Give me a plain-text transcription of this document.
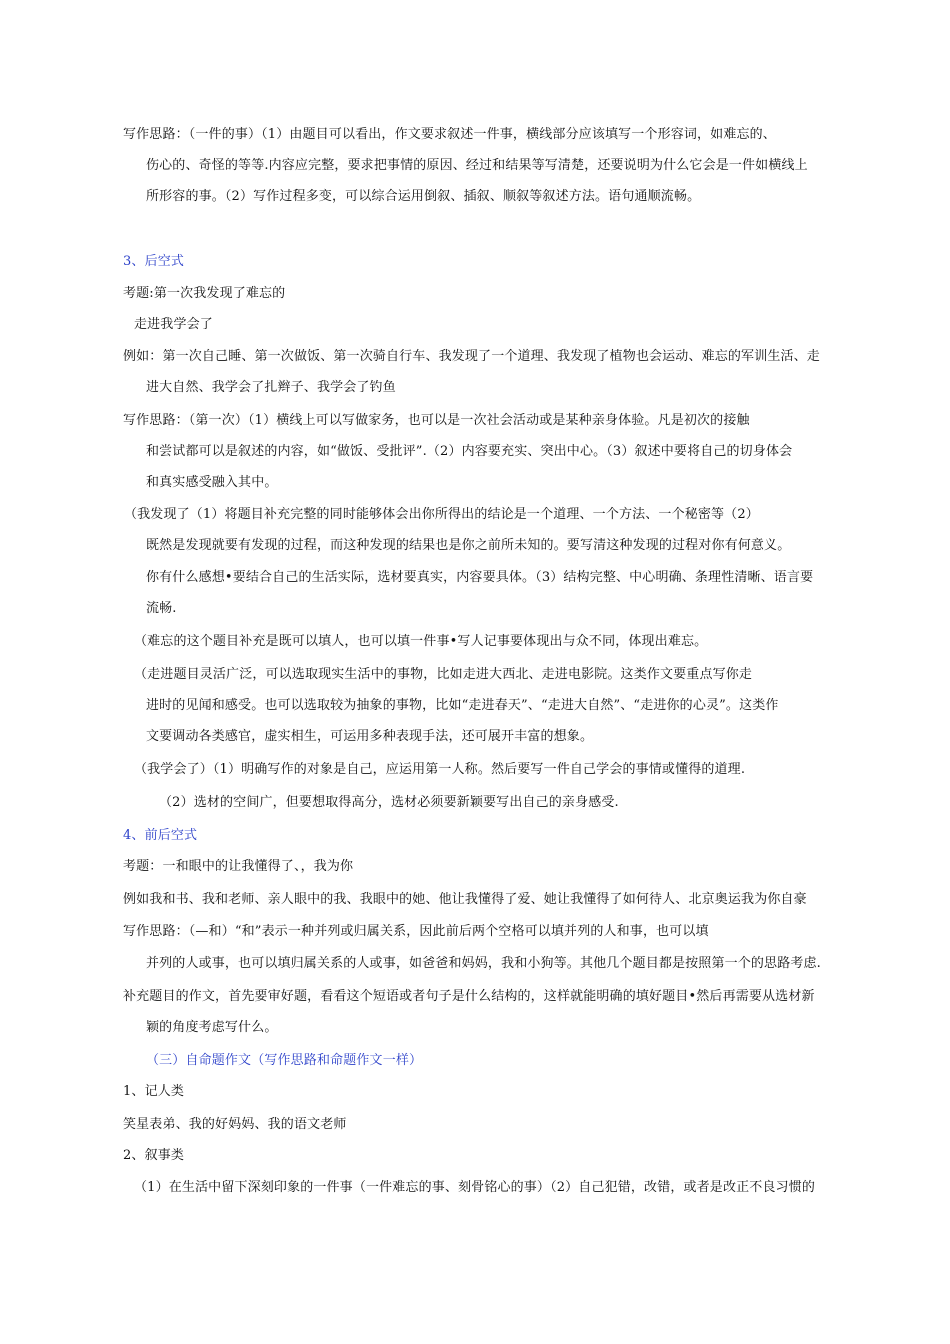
写作思路：（一件的事）（1）由题目可以看出，作文要求叙述一件事，横线部分应该填写一个形容词，如难忘的、
伤心的、奇怪的等等.内容应完整，要求把事情的原因、经过和结果等写清楚，还要说明为什么它会是一件如横线上
所形容的事。（2）写作过程多变，可以综合运用倒叙、插叙、顺叙等叙述方法。语句通顺流畅。
3、后空式
考题:第一次我发现了难忘的
走进我学会了
例如：第一次自己睡、第一次做饭、第一次骑自行车、我发现了一个道理、我发现了植物也会运动、难忘的军训生活、走
进大自然、我学会了扎辫子、我学会了钓鱼
写作思路：（第一次）（1）横线上可以写做家务，也可以是一次社会活动或是某种亲身体验。凡是初次的接触
和尝试都可以是叙述的内容，如“做饭、受批评”.（2）内容要充实、突出中心。（3）叙述中要将自己的切身体会
和真实感受融入其中。
（我发现了（1）将题目补充完整的同时能够体会出你所得出的结论是一个道理、一个方法、一个秘密等（2）
既然是发现就要有发现的过程，而这种发现的结果也是你之前所未知的。要写清这种发现的过程对你有何意义。
你有什么感想•要结合自己的生活实际，选材要真实，内容要具体。（3）结构完整、中心明确、条理性清晰、语言要
流畅.
（难忘的这个题目补充是既可以填人，也可以填一件事•写人记事要体现出与众不同，体现出难忘。
（走进题目灵活广泛，可以选取现实生活中的事物，比如走进大西北、走进电影院。这类作文要重点写你走
进时的见闻和感受。也可以选取较为抽象的事物，比如“走进春天”、“走进大自然”、“走进你的心灵”。这类作
文要调动各类感官，虚实相生，可运用多种表现手法，还可展开丰富的想象。
（我学会了）（1）明确写作的对象是自己，应运用第一人称。然后要写一件自己学会的事情或懂得的道理.
（2）选材的空间广，但要想取得高分，选材必须要新颖要写出自己的亲身感受.
4、前后空式
考题：一和眼中的让我懂得了、，我为你
例如我和书、我和老师、亲人眼中的我、我眼中的她、他让我懂得了爱、她让我懂得了如何待人、北京奥运我为你自豪
写作思路：（—和）“和”表示一种并列或归属关系，因此前后两个空格可以填并列的人和事，也可以填
并列的人或事，也可以填归属关系的人或事，如爸爸和妈妈，我和小狗等。其他几个题目都是按照第一个的思路考虑.
补充题目的作文，首先要审好题，看看这个短语或者句子是什么结构的，这样就能明确的填好题目•然后再需要从选材新
颖的角度考虑写什么。
（三）自命题作文（写作思路和命题作文一样）
1、记人类
笑星表弟、我的好妈妈、我的语文老师
2、叙事类
（1）在生活中留下深刻印象的一件事（一件难忘的事、刻骨铭心的事）（2）自己犯错，改错，或者是改正不良习惯的
